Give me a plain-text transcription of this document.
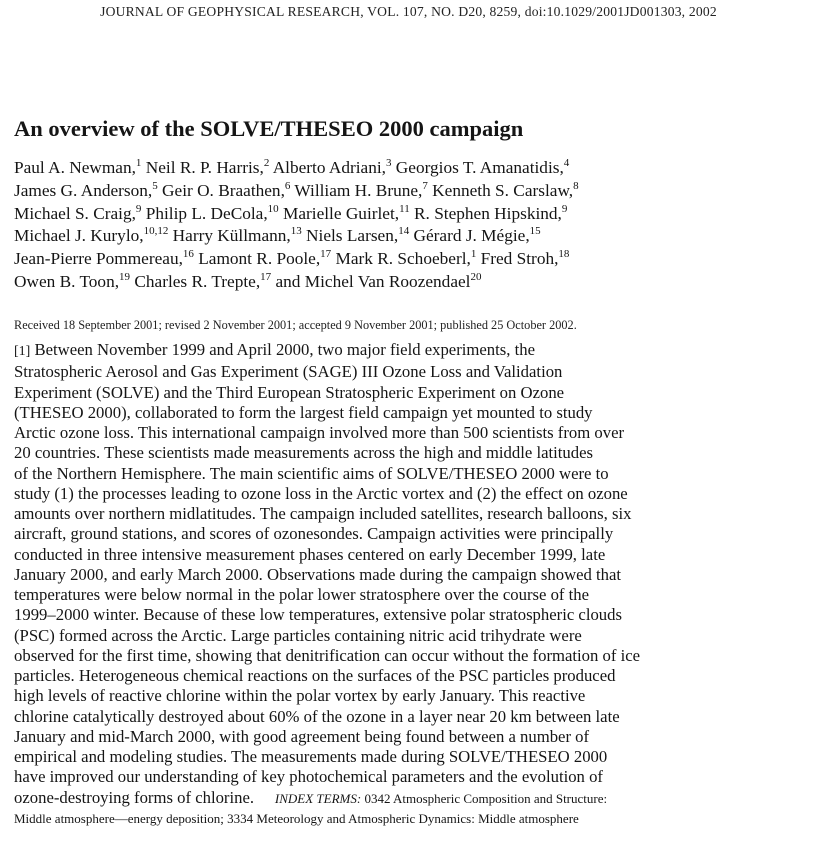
JOURNAL OF GEOPHYSICAL RESEARCH, VOL. 107, NO. D20, 8259, doi:10.1029/2001JD001303, 2002
An overview of the SOLVE/THESEO 2000 campaign
Paul A. Newman,$^1$ Neil R. P. Harris,$^2$ Alberto Adriani,$^3$ Georgios T. Amanatidis,$^4$
James G. Anderson,$^5$ Geir O. Braathen,$^6$ William H. Brune,$^7$ Kenneth S. Carslaw,$^8$
Michael S. Craig,$^9$ Philip L. DeCola,$^{10}$ Marielle Guirlet,$^{11}$ R. Stephen Hipskind,$^9$
Michael J. Kurylo,$^{10,12}$ Harry Küllmann,$^{13}$ Niels Larsen,$^{14}$ Gérard J. Mégie,$^{15}$
Jean-Pierre Pommereau,$^{16}$ Lamont R. Poole,$^{17}$ Mark R. Schoeberl,$^1$ Fred Stroh,$^{18}$
Owen B. Toon,$^{19}$ Charles R. Trepte,$^{17}$ and Michel Van Roozendael$^{20}$
Received 18 September 2001; revised 2 November 2001; accepted 9 November 2001; published 25 October 2002.
[1] Between November 1999 and April 2000, two major field experiments, the
Stratospheric Aerosol and Gas Experiment (SAGE) III Ozone Loss and Validation
Experiment (SOLVE) and the Third European Stratospheric Experiment on Ozone
(THESEO 2000), collaborated to form the largest field campaign yet mounted to study
Arctic ozone loss. This international campaign involved more than 500 scientists from over
20 countries. These scientists made measurements across the high and middle latitudes
of the Northern Hemisphere. The main scientific aims of SOLVE/THESEO 2000 were to
study (1) the processes leading to ozone loss in the Arctic vortex and (2) the effect on ozone
amounts over northern midlatitudes. The campaign included satellites, research balloons, six
aircraft, ground stations, and scores of ozonesondes. Campaign activities were principally
conducted in three intensive measurement phases centered on early December 1999, late
January 2000, and early March 2000. Observations made during the campaign showed that
temperatures were below normal in the polar lower stratosphere over the course of the
1999–2000 winter. Because of these low temperatures, extensive polar stratospheric clouds
(PSC) formed across the Arctic. Large particles containing nitric acid trihydrate were
observed for the first time, showing that denitrification can occur without the formation of ice
particles. Heterogeneous chemical reactions on the surfaces of the PSC particles produced
high levels of reactive chlorine within the polar vortex by early January. This reactive
chlorine catalytically destroyed about 60% of the ozone in a layer near 20 km between late
January and mid-March 2000, with good agreement being found between a number of
empirical and modeling studies. The measurements made during SOLVE/THESEO 2000
have improved our understanding of key photochemical parameters and the evolution of
ozone-destroying forms of chlorine. INDEX TERMS: 0342 Atmospheric Composition and Structure:
Middle atmosphere—energy deposition; 3334 Meteorology and Atmospheric Dynamics: Middle atmosphere
